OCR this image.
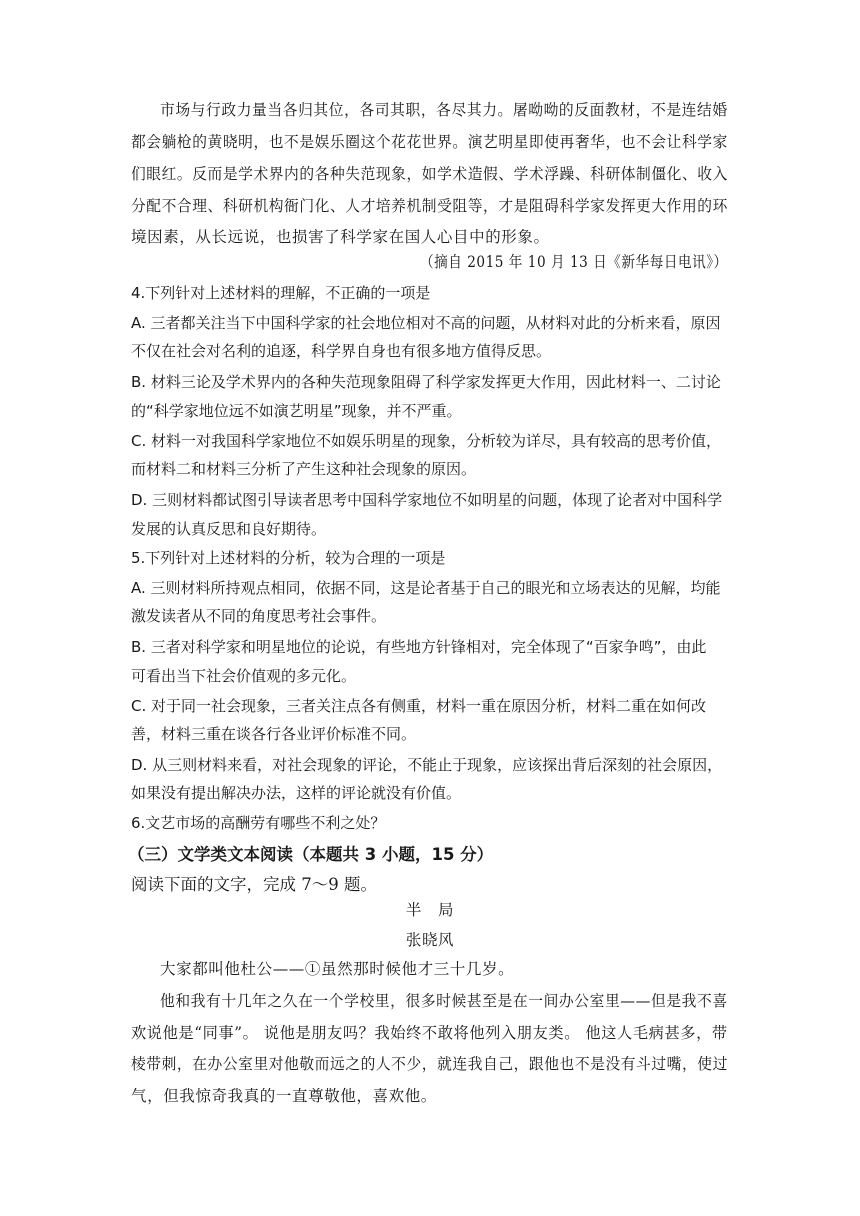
市场与行政力量当各归其位，各司其职，各尽其力。屠呦呦的反面教材，不是连结婚
都会躺枪的黄晓明，也不是娱乐圈这个花花世界。演艺明星即使再奢华，也不会让科学家
们眼红。反而是学术界内的各种失范现象，如学术造假、学术浮躁、科研体制僵化、收入
分配不合理、科研机构衙门化、人才培养机制受阻等，才是阻碍科学家发挥更大作用的环
境因素，从长远说，也损害了科学家在国人心目中的形象。
（摘自 2015 年 10 月 13 日《新华每日电讯》）
4.下列针对上述材料的理解，不正确的一项是
A. 三者都关注当下中国科学家的社会地位相对不高的问题，从材料对此的分析来看，原因
不仅在社会对名利的追逐，科学界自身也有很多地方值得反思。
B. 材料三论及学术界内的各种失范现象阻碍了科学家发挥更大作用，因此材料一、二讨论
的“科学家地位远不如演艺明星”现象，并不严重。
C. 材料一对我国科学家地位不如娱乐明星的现象，分析较为详尽，具有较高的思考价值，
而材料二和材料三分析了产生这种社会现象的原因。
D. 三则材料都试图引导读者思考中国科学家地位不如明星的问题，体现了论者对中国科学
发展的认真反思和良好期待。
5.下列针对上述材料的分析，较为合理的一项是
A. 三则材料所持观点相同，依据不同，这是论者基于自己的眼光和立场表达的见解，均能
激发读者从不同的角度思考社会事件。
B. 三者对科学家和明星地位的论说，有些地方针锋相对，完全体现了“百家争鸣”，由此
可看出当下社会价值观的多元化。
C. 对于同一社会现象，三者关注点各有侧重，材料一重在原因分析，材料二重在如何改
善，材料三重在谈各行各业评价标准不同。
D. 从三则材料来看，对社会现象的评论，不能止于现象，应该探出背后深刻的社会原因，
如果没有提出解决办法，这样的评论就没有价值。
6.文艺市场的高酬劳有哪些不利之处？
（三）文学类文本阅读（本题共 3 小题，15 分）
阅读下面的文字，完成 7～9 题。
半　局
张晓风
大家都叫他杜公——①虽然那时候他才三十几岁。
他和我有十几年之久在一个学校里，很多时候甚至是在一间办公室里——但是我不喜
欢说他是“同事”。 说他是朋友吗？我始终不敢将他列入朋友类。 他这人毛病甚多，带
棱带刺，在办公室里对他敬而远之的人不少，就连我自己，跟他也不是没有斗过嘴，使过
气，但我惊奇我真的一直尊敬他，喜欢他。
